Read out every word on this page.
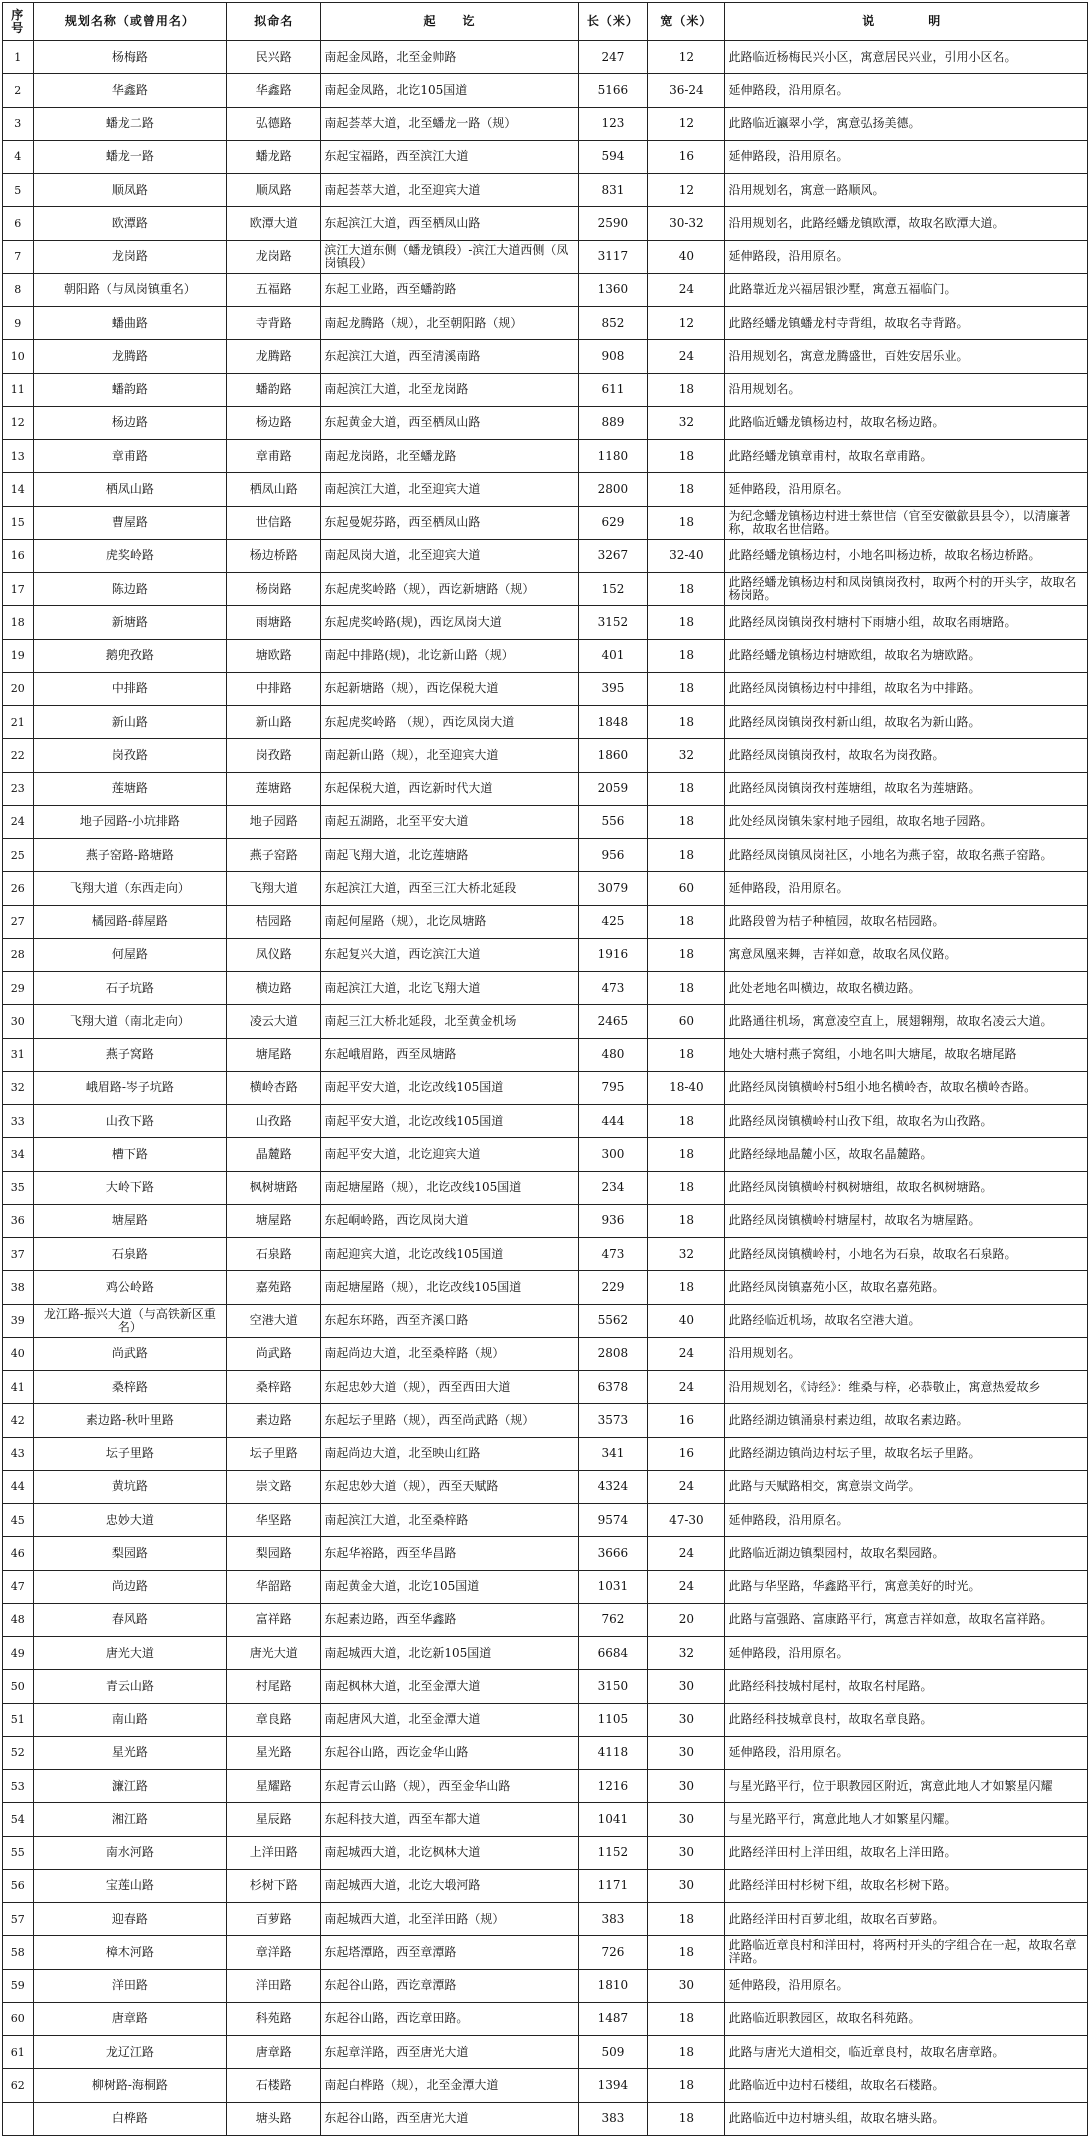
序号	规划名称（或曾用名）	拟命名	起　　讫	长（米）	宽（米）	说　　明
1	杨梅路	民兴路	南起金凤路，北至金帅路	247	12	此路临近杨梅民兴小区，寓意居民兴业，引用小区名。
2	华鑫路	华鑫路	南起金凤路，北讫105国道	5166	36-24	延伸路段，沿用原名。
3	蟠龙二路	弘德路	南起荟萃大道，北至蟠龙一路（规）	123	12	此路临近瀛翠小学，寓意弘扬美德。
4	蟠龙一路	蟠龙路	东起宝福路，西至滨江大道	594	16	延伸路段，沿用原名。
5	顺凤路	顺凤路	南起荟萃大道，北至迎宾大道	831	12	沿用规划名，寓意一路顺风。
6	欧潭路	欧潭大道	东起滨江大道，西至栖凤山路	2590	30-32	沿用规划名，此路经蟠龙镇欧潭，故取名欧潭大道。
7	龙岗路	龙岗路	滨江大道东侧（蟠龙镇段）-滨江大道西侧（凤岗镇段）	3117	40	延伸路段，沿用原名。
8	朝阳路（与凤岗镇重名）	五福路	东起工业路，西至蟠韵路	1360	24	此路靠近龙兴福居银沙墅，寓意五福临门。
9	蟠曲路	寺背路	南起龙腾路（规），北至朝阳路（规）	852	12	此路经蟠龙镇蟠龙村寺背组，故取名寺背路。
10	龙腾路	龙腾路	东起滨江大道，西至清溪南路	908	24	沿用规划名，寓意龙腾盛世，百姓安居乐业。
11	蟠韵路	蟠韵路	南起滨江大道，北至龙岗路	611	18	沿用规划名。
12	杨边路	杨边路	东起黄金大道，西至栖凤山路	889	32	此路临近蟠龙镇杨边村，故取名杨边路。
13	章甫路	章甫路	南起龙岗路，北至蟠龙路	1180	18	此路经蟠龙镇章甫村，故取名章甫路。
14	栖凤山路	栖凤山路	南起滨江大道，北至迎宾大道	2800	18	延伸路段，沿用原名。
15	曹屋路	世信路	东起曼妮芬路，西至栖凤山路	629	18	为纪念蟠龙镇杨边村进士蔡世信（官至安徽歙县县令），以清廉著称，故取名世信路。
16	虎奖岭路	杨边桥路	南起凤岗大道，北至迎宾大道	3267	32-40	此路经蟠龙镇杨边村，小地名叫杨边桥，故取名杨边桥路。
17	陈边路	杨岗路	东起虎奖岭路（规），西讫新塘路（规）	152	18	此路经蟠龙镇杨边村和凤岗镇岗孜村，取两个村的开头字，故取名杨岗路。
18	新塘路	雨塘路	东起虎奖岭路(规)，西讫凤岗大道	3152	18	此路经凤岗镇岗孜村塘村下雨塘小组，故取名雨塘路。
19	鹅兜孜路	塘欧路	南起中排路(规)，北讫新山路（规）	401	18	此路经蟠龙镇杨边村塘欧组，故取名为塘欧路。
20	中排路	中排路	东起新塘路（规），西讫保税大道	395	18	此路经凤岗镇杨边村中排组，故取名为中排路。
21	新山路	新山路	东起虎奖岭路 （规），西讫凤岗大道	1848	18	此路经凤岗镇岗孜村新山组，故取名为新山路。
22	岗孜路	岗孜路	南起新山路（规），北至迎宾大道	1860	32	此路经凤岗镇岗孜村，故取名为岗孜路。
23	莲塘路	莲塘路	东起保税大道，西讫新时代大道	2059	18	此路经凤岗镇岗孜村莲塘组，故取名为莲塘路。
24	地子园路-小坑排路	地子园路	南起五湖路，北至平安大道	556	18	此处经凤岗镇朱家村地子园组，故取名地子园路。
25	燕子窑路-路塘路	燕子窑路	南起飞翔大道，北讫莲塘路	956	18	此路经凤岗镇凤岗社区，小地名为燕子窑，故取名燕子窑路。
26	飞翔大道（东西走向）	飞翔大道	东起滨江大道，西至三江大桥北延段	3079	60	延伸路段，沿用原名。
27	橘园路-薛屋路	桔园路	南起何屋路（规），北讫凤塘路	425	18	此路段曾为桔子种植园，故取名桔园路。
28	何屋路	凤仪路	东起复兴大道，西讫滨江大道	1916	18	寓意凤凰来舞，吉祥如意，故取名凤仪路。
29	石子坑路	横边路	南起滨江大道，北讫飞翔大道	473	18	此处老地名叫横边，故取名横边路。
30	飞翔大道（南北走向）	凌云大道	南起三江大桥北延段，北至黄金机场	2465	60	此路通往机场，寓意凌空直上，展翅翱翔，故取名凌云大道。
31	燕子窝路	塘尾路	东起峨眉路，西至凤塘路	480	18	地处大塘村燕子窝组，小地名叫大塘尾，故取名塘尾路
32	峨眉路-岑子坑路	横岭杏路	南起平安大道，北讫改线105国道	795	18-40	此路经凤岗镇横岭村5组小地名横岭杏，故取名横岭杏路。
33	山孜下路	山孜路	南起平安大道，北讫改线105国道	444	18	此路经凤岗镇横岭村山孜下组，故取名为山孜路。
34	槽下路	晶麓路	南起平安大道，北讫迎宾大道	300	18	此路经绿地晶麓小区，故取名晶麓路。
35	大岭下路	枫树塘路	南起塘屋路（规），北讫改线105国道	234	18	此路经凤岗镇横岭村枫树塘组，故取名枫树塘路。
36	塘屋路	塘屋路	东起峒岭路，西讫凤岗大道	936	18	此路经凤岗镇横岭村塘屋村，故取名为塘屋路。
37	石泉路	石泉路	南起迎宾大道，北讫改线105国道	473	32	此路经凤岗镇横岭村，小地名为石泉，故取名石泉路。
38	鸡公岭路	嘉苑路	南起塘屋路（规），北讫改线105国道	229	18	此路经凤岗镇嘉苑小区，故取名嘉苑路。
39	龙江路-振兴大道（与高铁新区重名）	空港大道	东起东环路，西至齐溪口路	5562	40	此路经临近机场，故取名空港大道。
40	尚武路	尚武路	南起尚边大道，北至桑梓路（规）	2808	24	沿用规划名。
41	桑梓路	桑梓路	东起忠妙大道（规），西至西田大道	6378	24	沿用规划名，《诗经》：维桑与梓，必恭敬止，寓意热爱故乡
42	素边路-秋叶里路	素边路	东起坛子里路（规），西至尚武路（规）	3573	16	此路经湖边镇涌泉村素边组，故取名素边路。
43	坛子里路	坛子里路	南起尚边大道，北至映山红路	341	16	此路经湖边镇尚边村坛子里，故取名坛子里路。
44	黄坑路	崇文路	东起忠妙大道（规），西至天赋路	4324	24	此路与天赋路相交，寓意崇文尚学。
45	忠妙大道	华坚路	南起滨江大道，北至桑梓路	9574	47-30	延伸路段，沿用原名。
46	梨园路	梨园路	东起华裕路，西至华昌路	3666	24	此路临近湖边镇梨园村，故取名梨园路。
47	尚边路	华韶路	南起黄金大道，北讫105国道	1031	24	此路与华坚路，华鑫路平行，寓意美好的时光。
48	春风路	富祥路	东起素边路，西至华鑫路	762	20	此路与富强路、富康路平行，寓意吉祥如意，故取名富祥路。
49	唐光大道	唐光大道	南起城西大道，北讫新105国道	6684	32	延伸路段，沿用原名。
50	青云山路	村尾路	南起枫林大道，北至金潭大道	3150	30	此路经科技城村尾村，故取名村尾路。
51	南山路	章良路	南起唐风大道，北至金潭大道	1105	30	此路经科技城章良村，故取名章良路。
52	星光路	星光路	东起谷山路，西讫金华山路	4118	30	延伸路段，沿用原名。
53	濂江路	星耀路	东起青云山路（规），西至金华山路	1216	30	与星光路平行，位于职教园区附近，寓意此地人才如繁星闪耀
54	湘江路	星辰路	东起科技大道，西至车都大道	1041	30	与星光路平行，寓意此地人才如繁星闪耀。
55	南水河路	上洋田路	南起城西大道，北讫枫林大道	1152	30	此路经洋田村上洋田组，故取名上洋田路。
56	宝莲山路	杉树下路	南起城西大道，北讫大塅河路	1171	30	此路经洋田村杉树下组，故取名杉树下路。
57	迎春路	百萝路	南起城西大道，北至洋田路（规）	383	18	此路经洋田村百萝北组，故取名百萝路。
58	樟木河路	章洋路	东起塔潭路，西至章潭路	726	18	此路临近章良村和洋田村，将两村开头的字组合在一起，故取名章洋路。
59	洋田路	洋田路	东起谷山路，西讫章潭路	1810	30	延伸路段，沿用原名。
60	唐章路	科苑路	东起谷山路，西讫章田路。	1487	18	此路临近职教园区，故取名科苑路。
61	龙辽江路	唐章路	东起章洋路，西至唐光大道	509	18	此路与唐光大道相交，临近章良村，故取名唐章路。
62	柳树路-海桐路	石楼路	南起白桦路（规），北至金潭大道	1394	18	此路临近中边村石楼组，故取名石楼路。
	白桦路	塘头路	东起谷山路，西至唐光大道	383	18	此路临近中边村塘头组，故取名塘头路。
